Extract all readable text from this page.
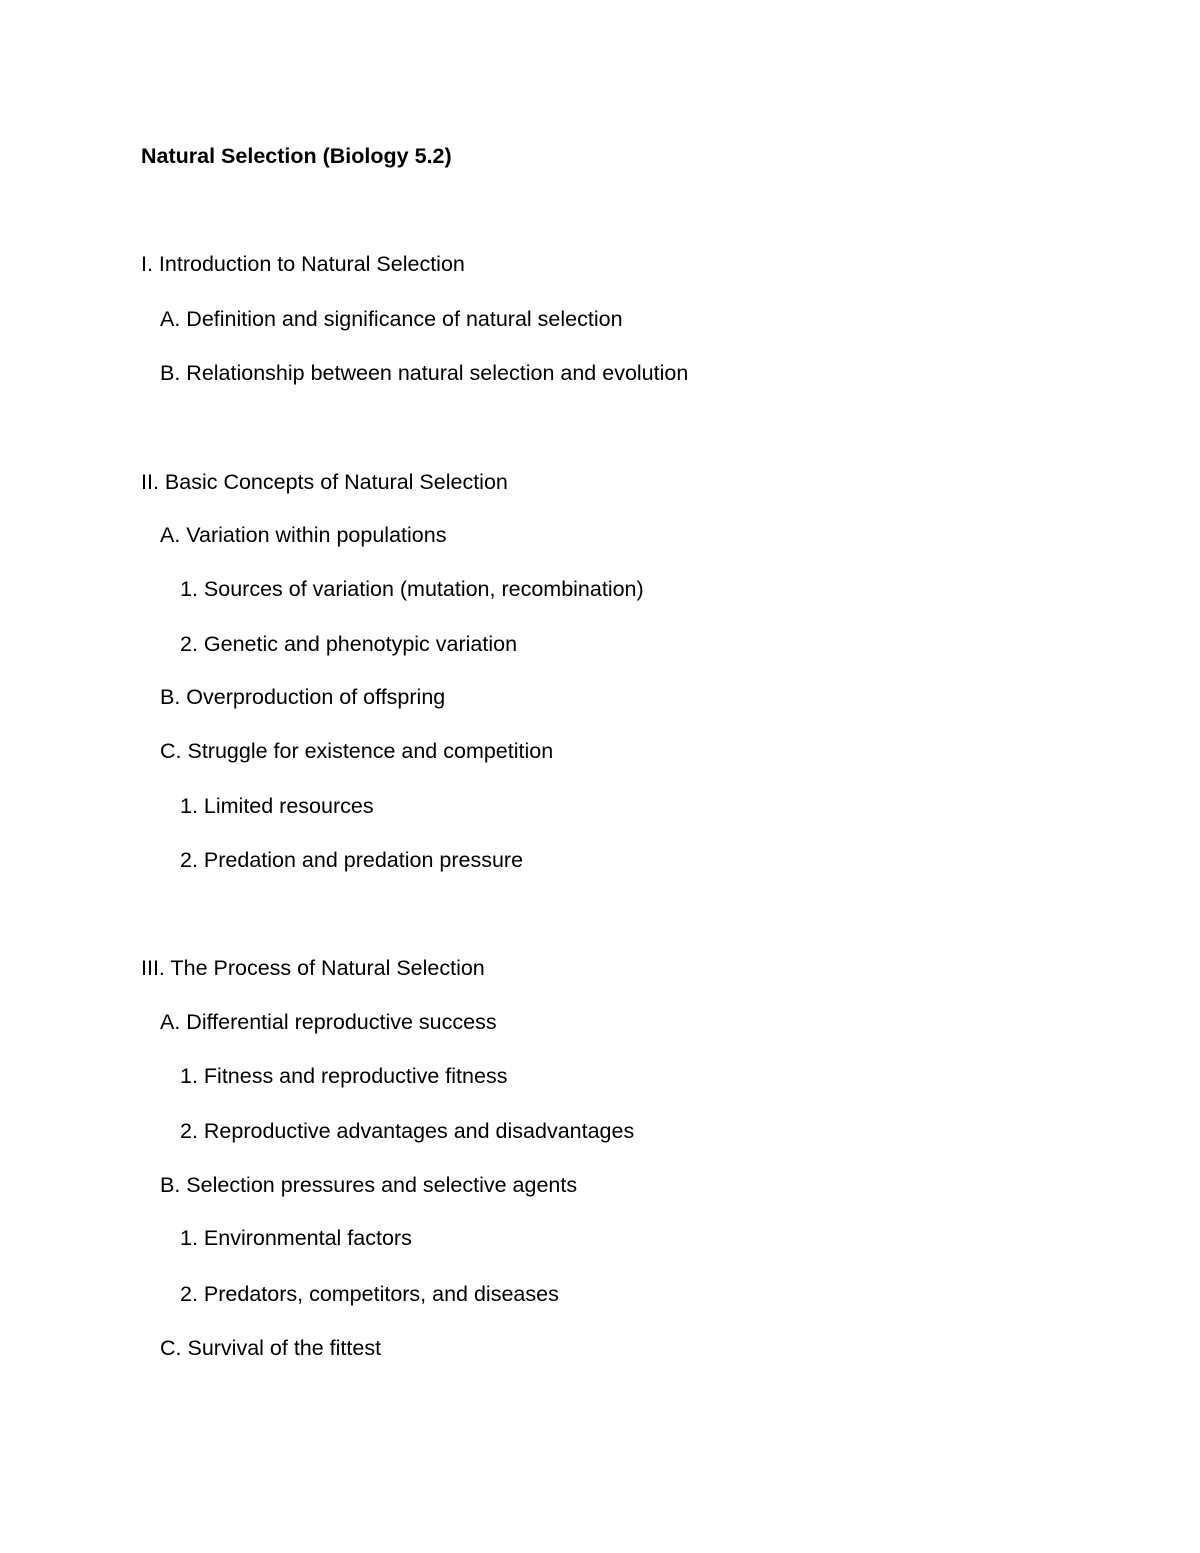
Natural Selection (Biology 5.2)

I. Introduction to Natural Selection

A. Definition and significance of natural selection

B. Relationship between natural selection and evolution

II. Basic Concepts of Natural Selection

A. Variation within populations

1. Sources of variation (mutation, recombination)

2. Genetic and phenotypic variation

B. Overproduction of offspring

C. Struggle for existence and competition

1. Limited resources

2. Predation and predation pressure

III. The Process of Natural Selection

A. Differential reproductive success

1. Fitness and reproductive fitness

2. Reproductive advantages and disadvantages

B. Selection pressures and selective agents

1. Environmental factors

2. Predators, competitors, and diseases

C. Survival of the fittest
